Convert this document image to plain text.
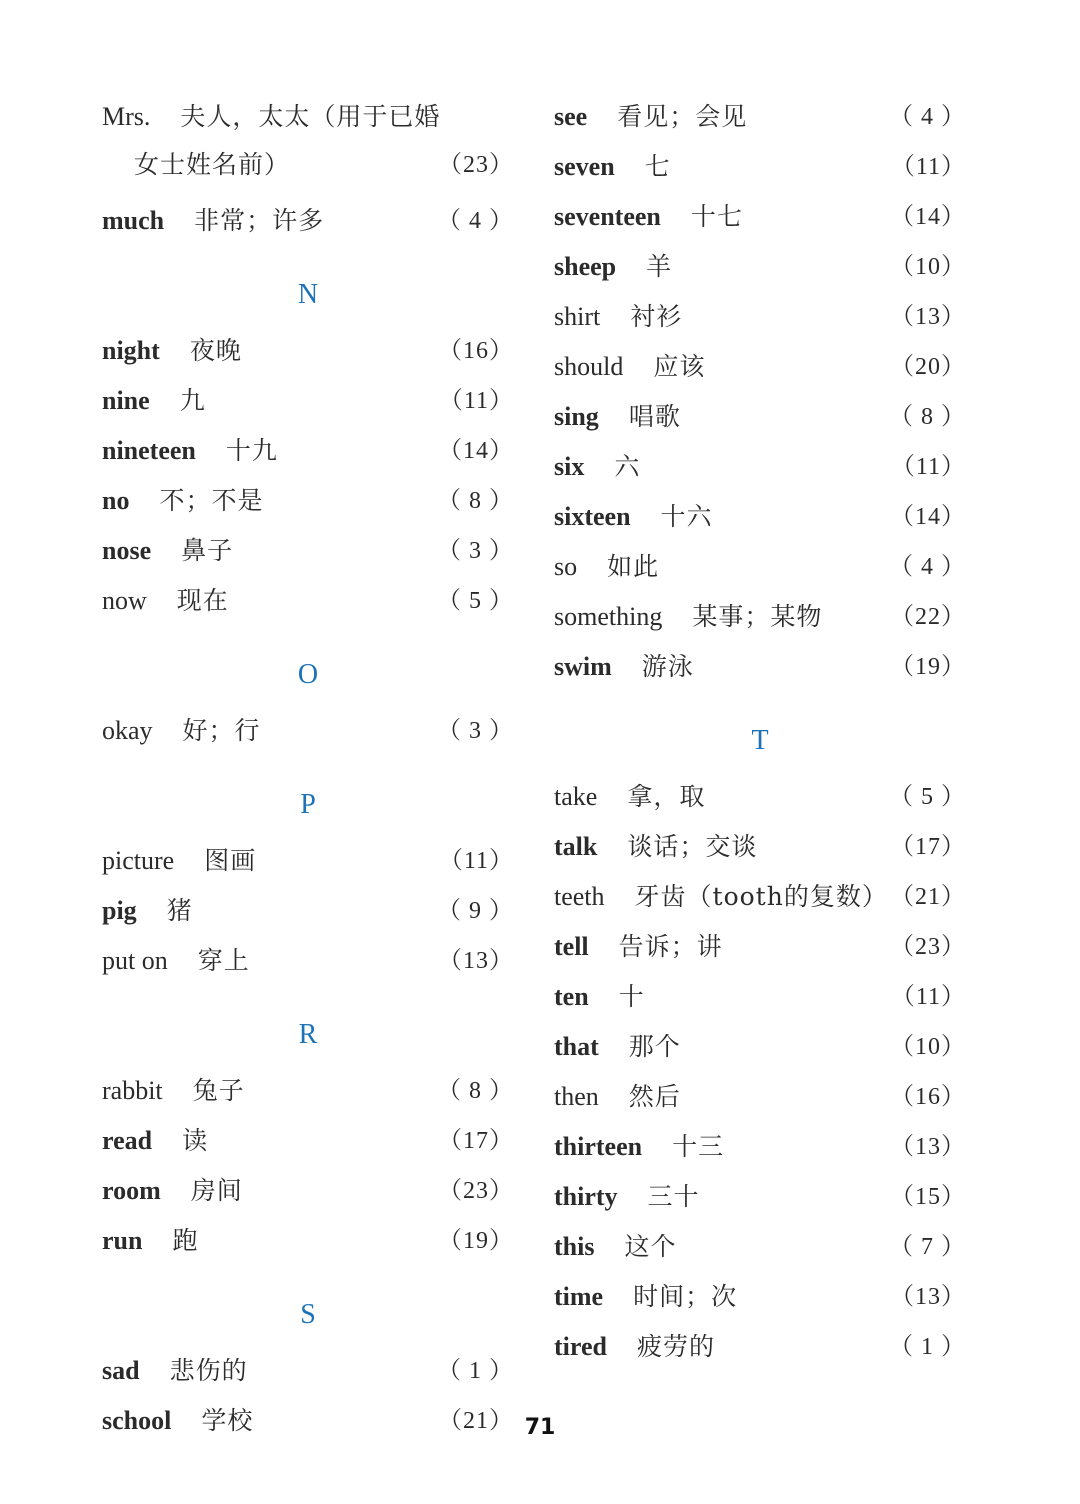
Mrs. 夫人，太太（用于已婚
女士姓名前）	（23）
much 非常；许多	（ 4 ）
N
night 夜晚	（16）
nine 九	（11）
nineteen 十九	（14）
no 不；不是	（ 8 ）
nose 鼻子	（ 3 ）
now 现在	（ 5 ）
O
okay 好；行	（ 3 ）
P
picture 图画	（11）
pig 猪	（ 9 ）
put on 穿上	（13）
R
rabbit 兔子	（ 8 ）
read 读	（17）
room 房间	（23）
run 跑	（19）
S
sad 悲伤的	（ 1 ）
school 学校	（21）
see 看见；会见	（ 4 ）
seven 七	（11）
seventeen 十七	（14）
sheep 羊	（10）
shirt 衬衫	（13）
should 应该	（20）
sing 唱歌	（ 8 ）
six 六	（11）
sixteen 十六	（14）
so 如此	（ 4 ）
something 某事；某物	（22）
swim 游泳	（19）
T
take 拿，取	（ 5 ）
talk 谈话；交谈	（17）
teeth 牙齿（tooth的复数） （21）
tell 告诉；讲	（23）
ten 十	（11）
that 那个	（10）
then 然后	（16）
thirteen 十三	（13）
thirty 三十	（15）
this 这个	（ 7 ）
time 时间；次	（13）
tired 疲劳的	（ 1 ）
71
